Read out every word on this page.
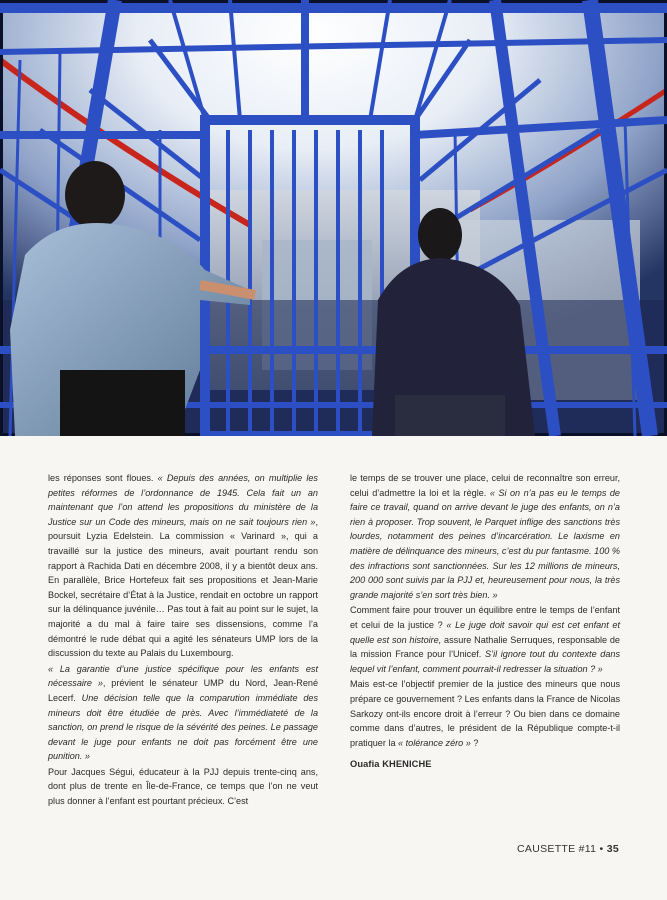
les réponses sont floues. « Depuis des années, on multiplie les petites réformes de l’ordonnance de 1945. Cela fait un an maintenant que l’on attend les propositions du ministère de la Justice sur un Code des mineurs, mais on ne sait toujours rien », poursuit Lyzia Edelstein. La commission « Varinard », qui a travaillé sur la justice des mineurs, avait pourtant rendu son rapport à Rachida Dati en décembre 2008, il y a bientôt deux ans. En parallèle, Brice Hortefeux fait ses propositions et Jean-Marie Bockel, secrétaire d’État à la Justice, rendait en octobre un rapport sur la délinquance juvénile… Pas tout à fait au point sur le sujet, la majorité a du mal à faire taire ses dissensions, comme l’a démontré le rude débat qui a agité les sénateurs UMP lors de la discussion du texte au Palais du Luxembourg.

« La garantie d’une justice spécifique pour les enfants est nécessaire », prévient le sénateur UMP du Nord, Jean-René Lecerf. Une décision telle que la comparution immédiate des mineurs doit être étudiée de près. Avec l’immédiateté de la sanction, on prend le risque de la sévérité des peines. Le passage devant le juge pour enfants ne doit pas forcément être une punition. »

Pour Jacques Ségui, éducateur à la PJJ depuis trente-cinq ans, dont plus de trente en Île-de-France, ce temps que l’on ne veut plus donner à l’enfant est pourtant précieux. C’est

le temps de se trouver une place, celui de reconnaître son erreur, celui d’admettre la loi et la règle. « Si on n’a pas eu le temps de faire ce travail, quand on arrive devant le juge des enfants, on n’a rien à proposer. Trop souvent, le Parquet inflige des sanctions très lourdes, notamment des peines d’incarcération. Le laxisme en matière de délinquance des mineurs, c’est du pur fantasme. 100 % des infractions sont sanctionnées. Sur les 12 millions de mineurs, 200 000 sont suivis par la PJJ et, heureusement pour nous, la très grande majorité s’en sort très bien. »

Comment faire pour trouver un équilibre entre le temps de l’enfant et celui de la justice ? « Le juge doit savoir qui est cet enfant et quelle est son histoire, assure Nathalie Serruques, responsable de la mission France pour l’Unicef. S’il ignore tout du contexte dans lequel vit l’enfant, comment pourrait-il redresser la situation ? »

Mais est-ce l’objectif premier de la justice des mineurs que nous prépare ce gouvernement ? Les enfants dans la France de Nicolas Sarkozy ont-ils encore droit à l’erreur ? Ou bien dans ce domaine comme dans d’autres, le président de la République compte-t-il pratiquer la « tolérance zéro » ?

Ouafia KHENICHE
CAUSETTE #11 • 35
